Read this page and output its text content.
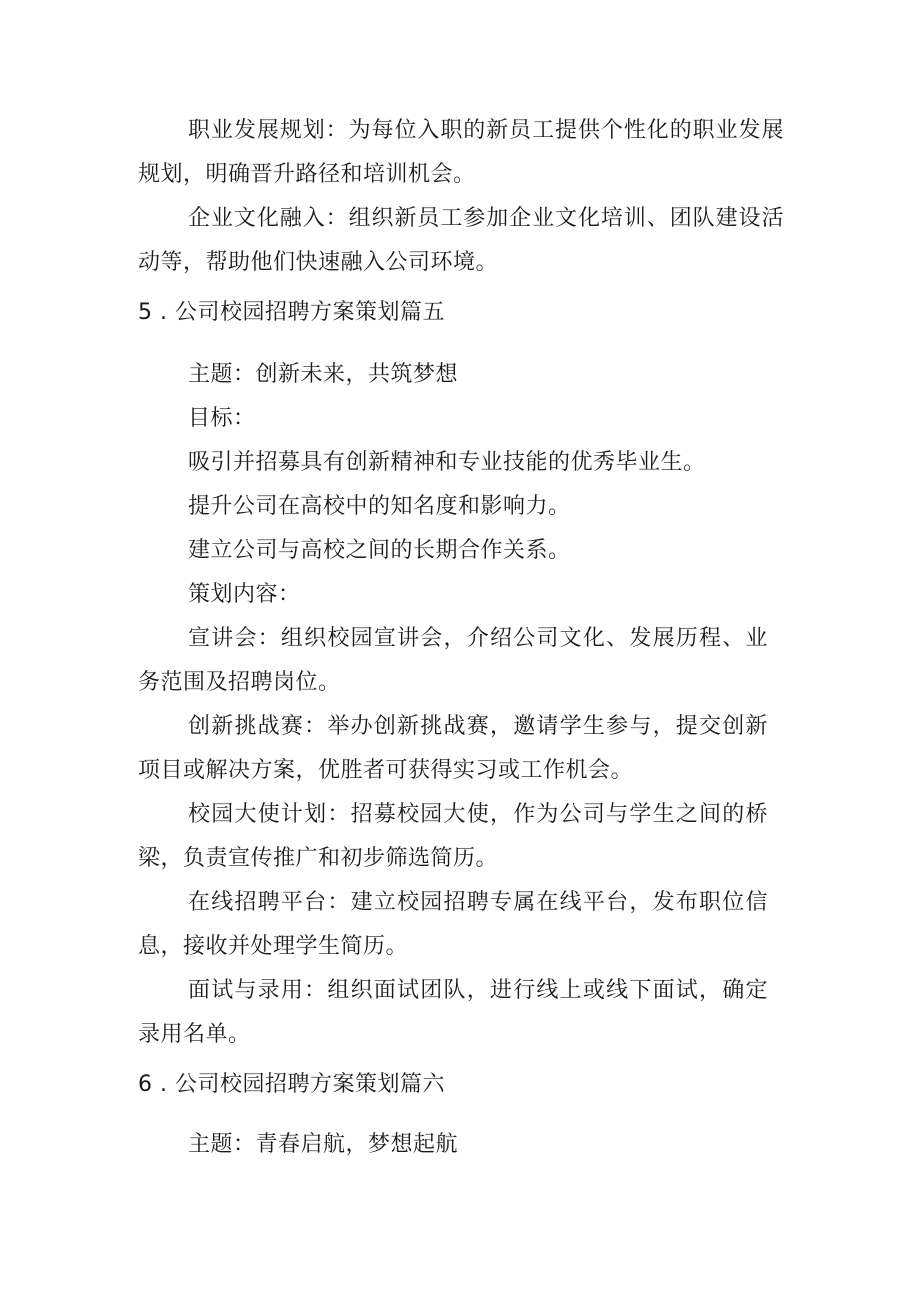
职业发展规划：为每位入职的新员工提供个性化的职业发展
规划，明确晋升路径和培训机会。
企业文化融入：组织新员工参加企业文化培训、团队建设活
动等，帮助他们快速融入公司环境。
5 . 公司校园招聘方案策划篇五
主题：创新未来，共筑梦想
目标：
吸引并招募具有创新精神和专业技能的优秀毕业生。
提升公司在高校中的知名度和影响力。
建立公司与高校之间的长期合作关系。
策划内容：
宣讲会：组织校园宣讲会，介绍公司文化、发展历程、业
务范围及招聘岗位。
创新挑战赛：举办创新挑战赛，邀请学生参与，提交创新
项目或解决方案，优胜者可获得实习或工作机会。
校园大使计划：招募校园大使，作为公司与学生之间的桥
梁，负责宣传推广和初步筛选简历。
在线招聘平台：建立校园招聘专属在线平台，发布职位信
息，接收并处理学生简历。
面试与录用：组织面试团队，进行线上或线下面试，确定
录用名单。
6 . 公司校园招聘方案策划篇六
主题：青春启航，梦想起航
